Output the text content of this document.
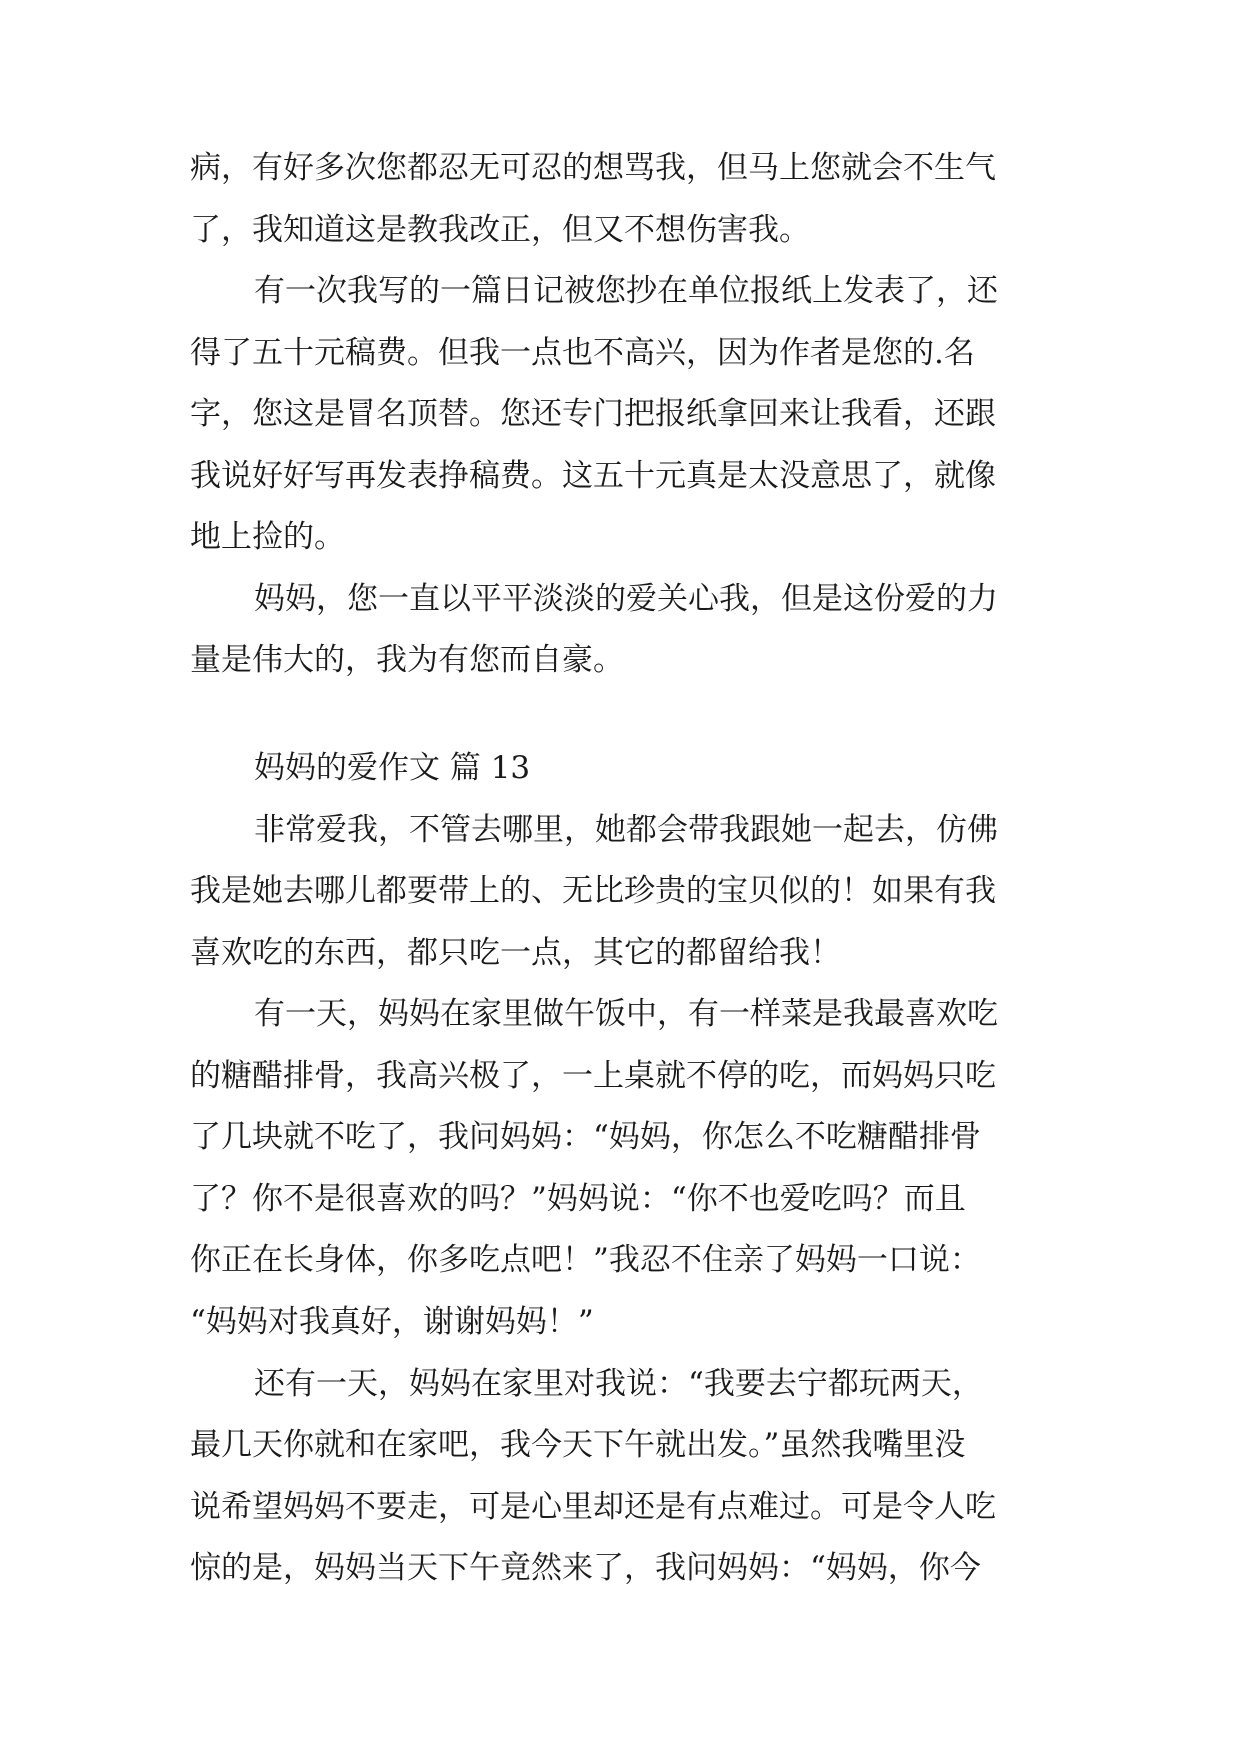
病，有好多次您都忍无可忍的想骂我，但马上您就会不生气

了，我知道这是教我改正，但又不想伤害我。

有一次我写的一篇日记被您抄在单位报纸上发表了，还

得了五十元稿费。但我一点也不高兴，因为作者是您的.名

字，您这是冒名顶替。您还专门把报纸拿回来让我看，还跟

我说好好写再发表挣稿费。这五十元真是太没意思了，就像

地上捡的。

妈妈，您一直以平平淡淡的爱关心我，但是这份爱的力

量是伟大的，我为有您而自豪。

妈妈的爱作文 篇 13

非常爱我，不管去哪里，她都会带我跟她一起去，仿佛

我是她去哪儿都要带上的、无比珍贵的宝贝似的！如果有我

喜欢吃的东西，都只吃一点，其它的都留给我！

有一天，妈妈在家里做午饭中，有一样菜是我最喜欢吃

的糖醋排骨，我高兴极了，一上桌就不停的吃，而妈妈只吃

了几块就不吃了，我问妈妈：“妈妈，你怎么不吃糖醋排骨

了？你不是很喜欢的吗？”妈妈说：“你不也爱吃吗？而且

你正在长身体，你多吃点吧！”我忍不住亲了妈妈一口说：

“妈妈对我真好，谢谢妈妈！”

还有一天，妈妈在家里对我说：“我要去宁都玩两天，

最几天你就和在家吧，我今天下午就出发。”虽然我嘴里没

说希望妈妈不要走，可是心里却还是有点难过。可是令人吃

惊的是，妈妈当天下午竟然来了，我问妈妈：“妈妈，你今
